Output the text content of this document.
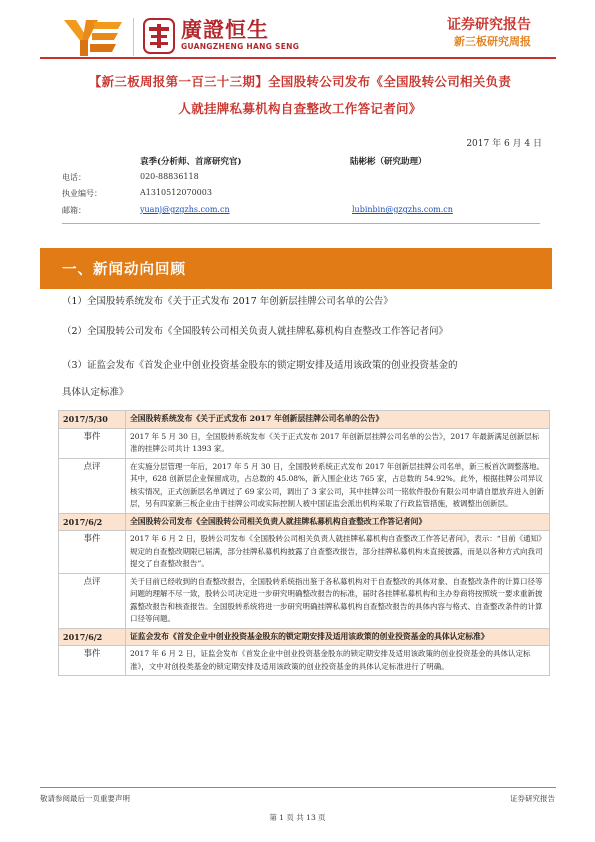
廣證恒生
GUANGZHENG HANG SENG
证券研究报告
新三板研究周报
【新三板周报第一百三十三期】全国股转公司发布《全国股转公司相关负责
人就挂牌私募机构自查整改工作答记者问》
2017 年 6 月 4 日
袁季(分析师、首席研究官)	陆彬彬（研究助理）
电话：	020-88836118
执业编号：	A1310512070003
邮箱：	yuanj@gzgzhs.com.cn	lubinbin@gzgzhs.com.cn
一、新闻动向回顾
（1）全国股转系统发布《关于正式发布 2017 年创新层挂牌公司名单的公告》
（2）全国股转公司发布《全国股转公司相关负责人就挂牌私募机构自查整改工作答记者问》
（3）证监会发布《首发企业中创业投资基金股东的锁定期安排及适用该政策的创业投资基金的
具体认定标准》
2017/5/30	全国股转系统发布《关于正式发布 2017 年创新层挂牌公司名单的公告》
事件	2017 年 5 月 30 日，全国股转系统发布《关于正式发布 2017 年创新层挂牌公司名单的公告》，2017 年最新满足创新层标准的挂牌公司共计 1393 家。
点评	在实施分层管理一年后，2017 年 5 月 30 日，全国股转系统正式发布 2017 年创新层挂牌公司名单，新三板首次调整落地。其中，628 创新层企业保留成功，占总数的 45.08%，新入围企业达 765 家，占总数的 54.92%。此外，根据挂牌公司异议核实情况，正式创新层名单调过了 69 家公司，调出了 3 家公司，其中挂牌公司一铭软件股份有限公司申请自愿放弃进入创新层，另有四家新三板企业由于挂牌公司或实际控制人被中国证监会派出机构采取了行政监管措施，被调整出创新层。
2017/6/2	全国股转公司发布《全国股转公司相关负责人就挂牌私募机构自查整改工作答记者问》
事件	2017 年 6 月 2 日，股转公司发布《全国股转公司相关负责人就挂牌私募机构自查整改工作答记者问》，表示：“目前《通知》规定的自查整改期限已届满，部分挂牌私募机构披露了自查整改报告，部分挂牌私募机构未直接披露，而是以各种方式向我司提交了自查整改报告”。
点评	关于目前已经收到的自查整改报告，全国股转系统指出鉴于各私募机构对于自查整改的具体对象、自查整改条件的计算口径等问题的理解不尽一致，股转公司决定进一步研究明确整改报告的标准，届时各挂牌私募机构和主办券商将按照统一要求重新披露整改报告和核查报告。全国股转系统将进一步研究明确挂牌私募机构自查整改报告的具体内容与格式、自查整改条件的计算口径等问题。
2017/6/2	证监会发布《首发企业中创业投资基金股东的锁定期安排及适用该政策的创业投资基金的具体认定标准》
事件	2017 年 6 月 2 日，证监会发布《首发企业中创业投资基金股东的锁定期安排及适用该政策的创业投资基金的具体认定标准》，文中对创投类基金的锁定期安排及适用该政策的创业投资基金的具体认定标准进行了明确。
敬请参阅最后一页重要声明	证券研究报告
第 1 页 共 13 页
